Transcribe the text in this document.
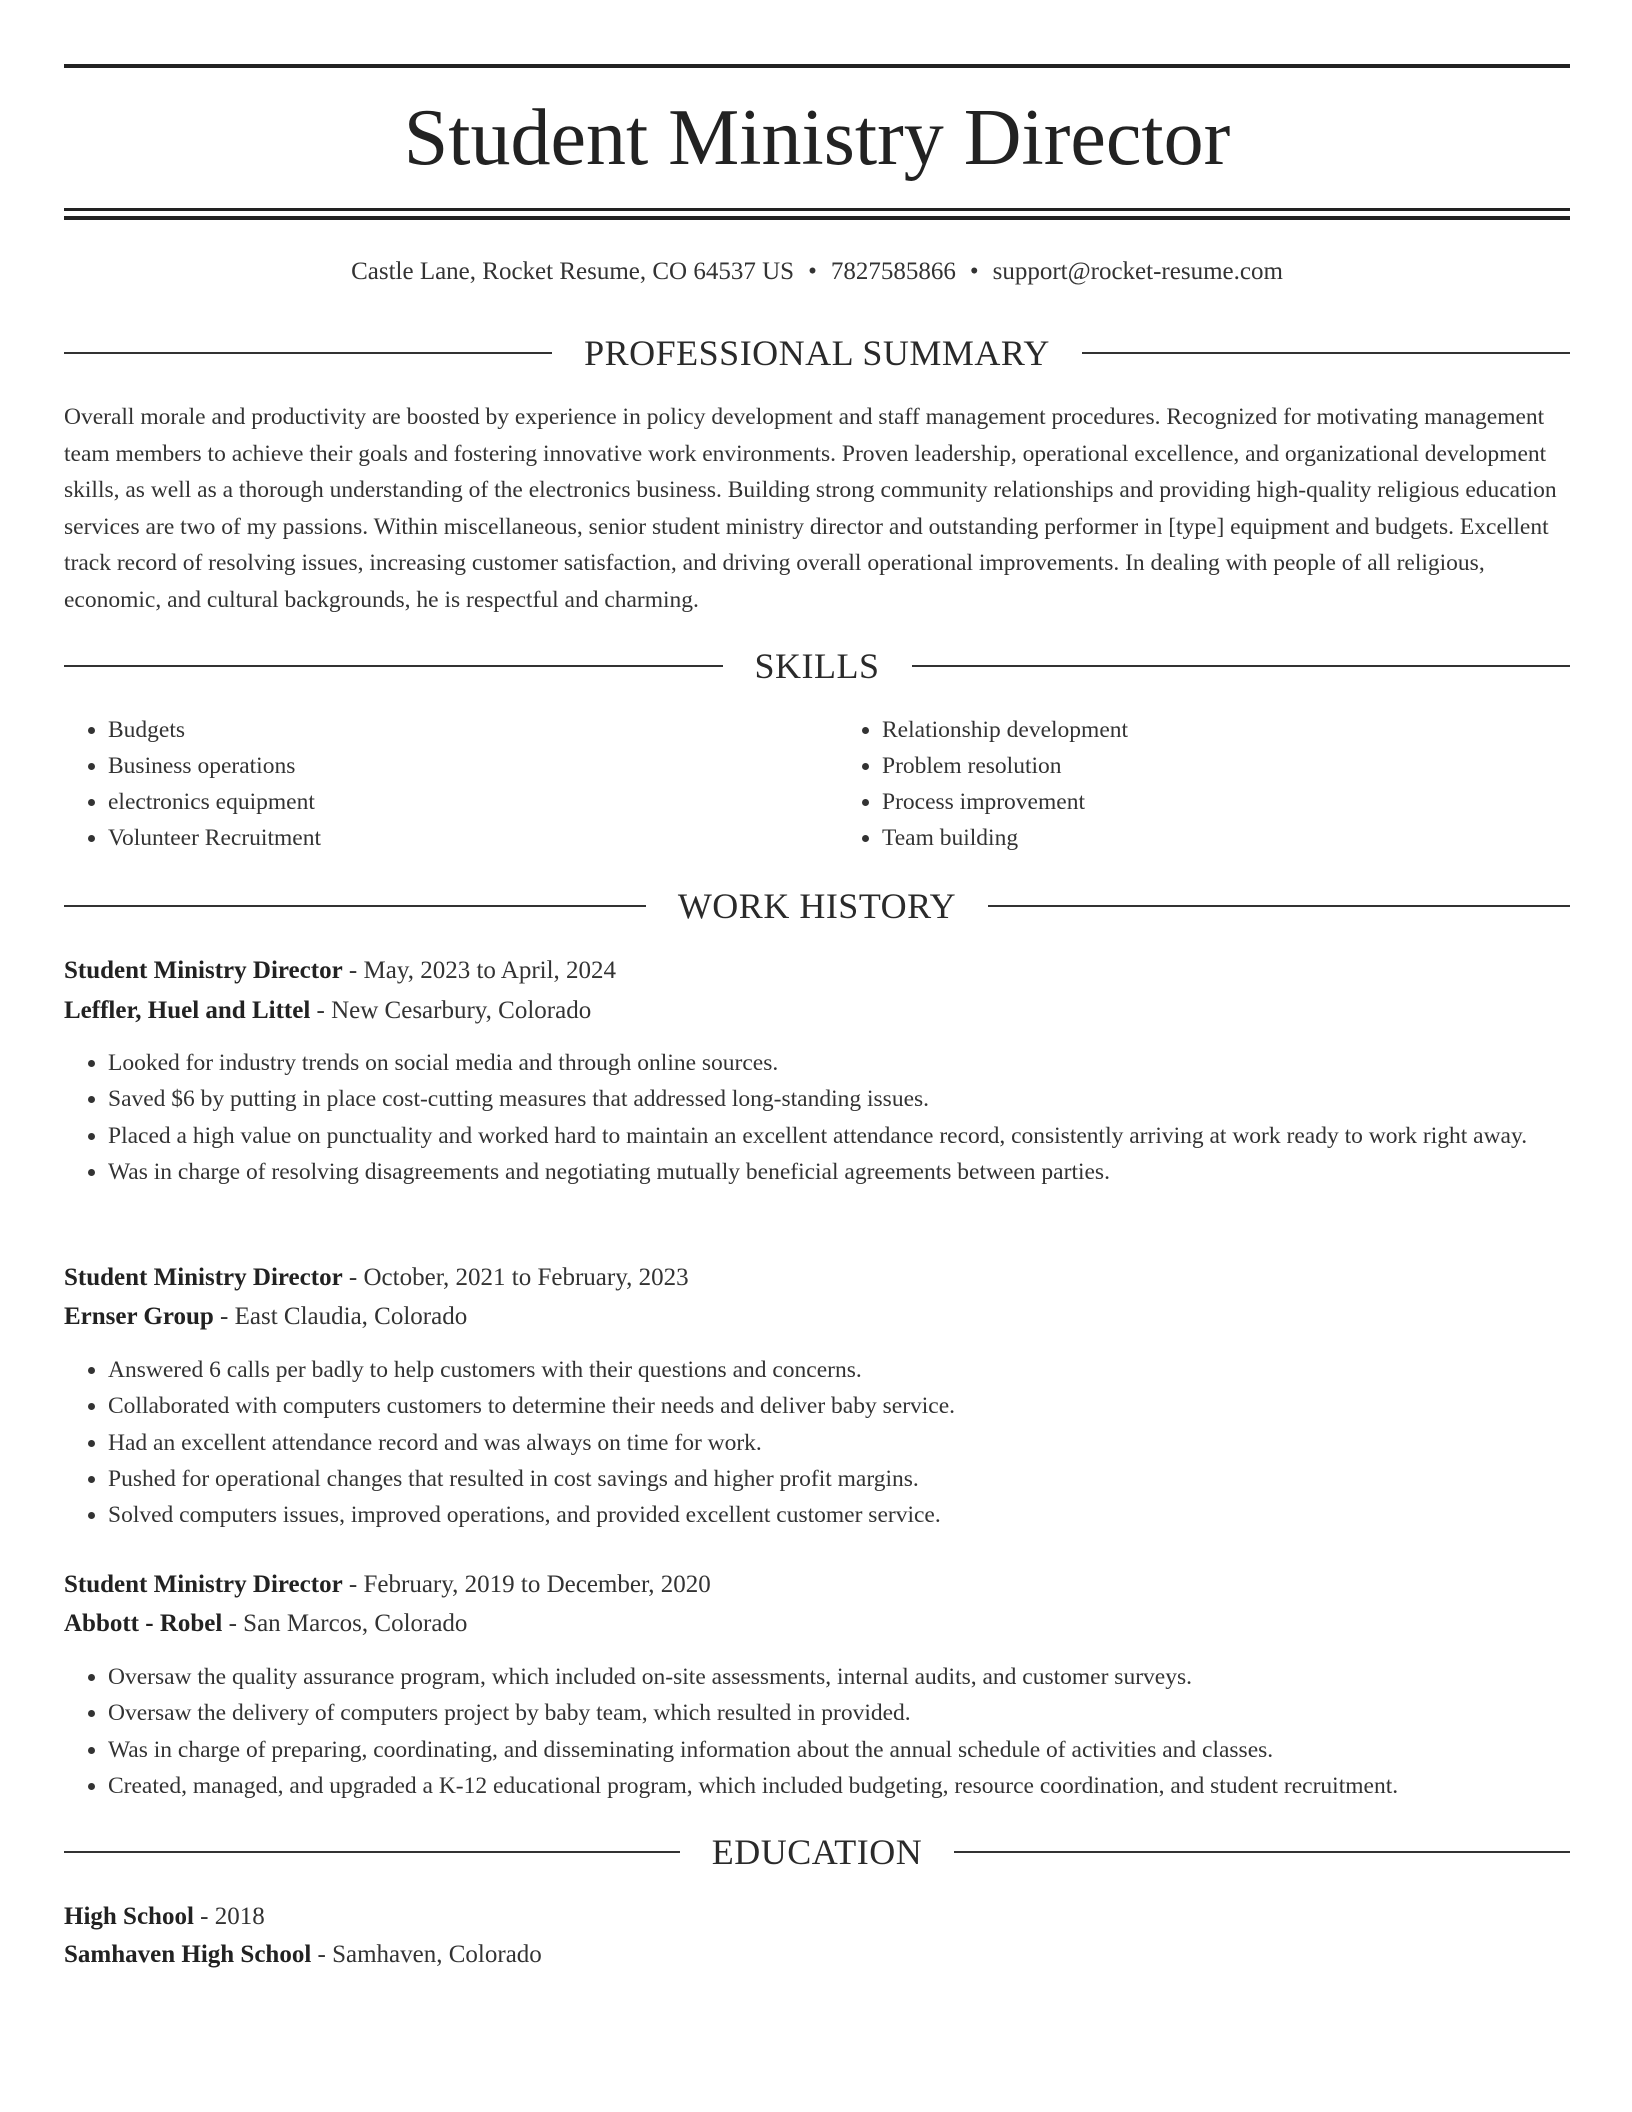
Student Ministry Director
Castle Lane, Rocket Resume, CO 64537 US • 7827585866 • support@rocket-resume.com
PROFESSIONAL SUMMARY

Overall morale and productivity are boosted by experience in policy development and staff management procedures. Recognized for motivating management team members to achieve their goals and fostering innovative work environments. Proven leadership, operational excellence, and organizational development skills, as well as a thorough understanding of the electronics business. Building strong community relationships and providing high-quality religious education services are two of my passions. Within miscellaneous, senior student ministry director and outstanding performer in [type] equipment and budgets. Excellent track record of resolving issues, increasing customer satisfaction, and driving overall operational improvements. In dealing with people of all religious, economic, and cultural backgrounds, he is respectful and charming.

SKILLS
• Budgets
• Business operations
• electronics equipment
• Volunteer Recruitment
• Relationship development
• Problem resolution
• Process improvement
• Team building
WORK HISTORY
Student Ministry Director - May, 2023 to April, 2024
Leffler, Huel and Littel - New Cesarbury, Colorado
• Looked for industry trends on social media and through online sources.
• Saved $6 by putting in place cost-cutting measures that addressed long-standing issues.
• Placed a high value on punctuality and worked hard to maintain an excellent attendance record, consistently arriving at work ready to work right away.
• Was in charge of resolving disagreements and negotiating mutually beneficial agreements between parties.
Student Ministry Director - October, 2021 to February, 2023
Ernser Group - East Claudia, Colorado
• Answered 6 calls per badly to help customers with their questions and concerns.
• Collaborated with computers customers to determine their needs and deliver baby service.
• Had an excellent attendance record and was always on time for work.
• Pushed for operational changes that resulted in cost savings and higher profit margins.
• Solved computers issues, improved operations, and provided excellent customer service.
Student Ministry Director - February, 2019 to December, 2020
Abbott - Robel - San Marcos, Colorado
• Oversaw the quality assurance program, which included on-site assessments, internal audits, and customer surveys.
• Oversaw the delivery of computers project by baby team, which resulted in provided.
• Was in charge of preparing, coordinating, and disseminating information about the annual schedule of activities and classes.
• Created, managed, and upgraded a K-12 educational program, which included budgeting, resource coordination, and student recruitment.
EDUCATION
High School - 2018
Samhaven High School - Samhaven, Colorado
